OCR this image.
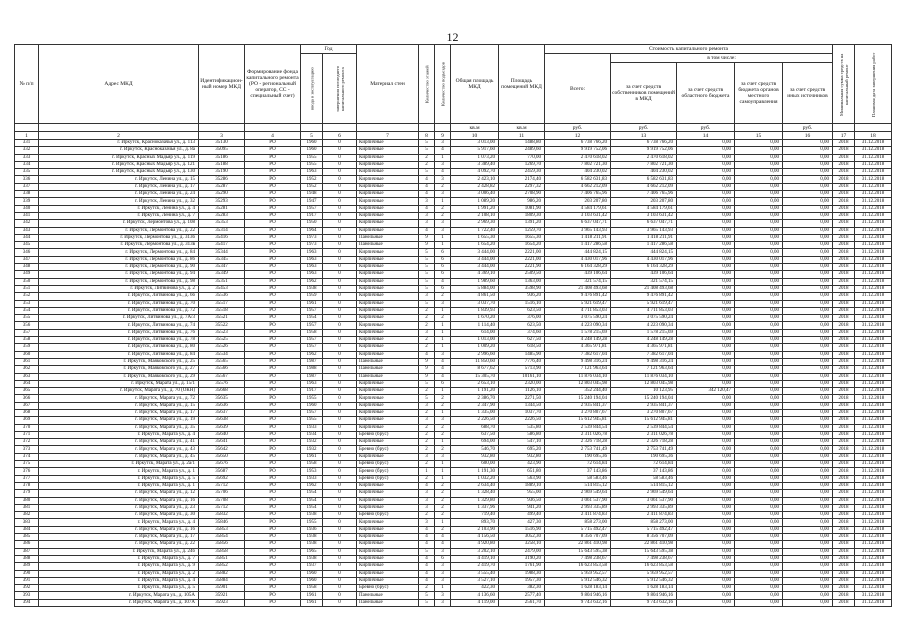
12
№ п/п	Адрес МКД	Идентификацион-ный номер МКД	Формирование фонда капитального ремонта (РО - региональный оператор, СС - специальный счет)	Год		Материал стен	Количество этажей	Количество подъездов	Общая площадь МКД	Площадь помещений МКД	Стоимость капитального ремонта					Минимальная сумма средств на капитальный ремонт	Плановая дата завершения работ
				ввода в эксплуатацию	завершения последнего капитального ремонта						Всего:	в том числе:					
												за счет средств собственников помещений в МКД	за счет средств областного бюджета	за счет средств бюджета органов местного самоуправления	за счет средств иных источников		
									кв.м	кв.м	руб.	руб.	руб.		руб.		
1	2	3	4	5	6	7	8	9	10	11	12	13	14	15	16	17	18
331	г. Иркутск, Красноказачья ул., д. 113	35130	РО	1960	0	Кирпичные	5	3	3 013,00	1488,80	6 738 766,20	6 738 766,20	0,00	0,00	0,00	2018	31.12.2018
332	г. Иркутск, Красноказачья ул., д. 8а	35095	РО	1960	0	Кирпичные	5	4	5 917,60	2489,60	9 919 752,06	9 919 752,06	0,00	0,00	0,00	2018	31.12.2018
333	г. Иркутск, Красных Мадьяр ул., д. 119	35186	РО	1955	0	Кирпичные	2	1	1 073,20	770,00	2 470 618,02	2 470 618,02	0,00	0,00	0,00	2018	31.12.2018
334	г. Иркутск, Красных Мадьяр ул., д. 121	35188	РО	1955	0	Кирпичные	2	3	3 389,40	1269,70	7 802 721,30	7 802 721,30	0,00	0,00	0,00	2018	31.12.2018
335	г. Иркутск, Красных Мадьяр ул., д. 130	35190	РО	1963	0	Кирпичные	5	4	4 092,70	2459,30	404 230,02	404 230,02	0,00	0,00	0,00	2018	31.12.2018
336	г. Иркутск, Ленина ул., д. 15	35286	РО	1952	0	Кирпичные	4	3	2 423,10	2174,40	6 582 631,83	6 582 631,83	0,00	0,00	0,00	2018	31.12.2018
337	г. Иркутск, Ленина ул., д. 17	35287	РО	1952	0	Кирпичные	4	2	2 428,82	2297,32	4 662 212,09	4 662 212,09	0,00	0,00	0,00	2018	31.12.2018
338	г. Иркутск, Ленина ул., д. 24	35290	РО	1948	0	Кирпичные	4	3	3 006,40	2708,90	7 406 765,96	7 406 765,96	0,00	0,00	0,00	2018	31.12.2018
339	г. Иркутск, Ленина ул., д. 32	35293	РО	1947	0	Кирпичные	3	1	1 089,20	986,20	203 207,80	203 207,80	0,00	0,00	0,00	2018	31.12.2018
340	г. Иркутск, Ленина ул., д. 4	35281	РО	1957	0	Кирпичные	4	2	1 991,20	1081,90	4 584 179,61	4 584 179,61	0,00	0,00	0,00	2018	31.12.2018
341	г. Иркутск, Ленина ул., д. 7	35283	РО	1917	0	Кирпичные	3	2	2 108,10	1809,30	3 103 631,42	3 103 631,42	0,00	0,00	0,00	2018	31.12.2018
342	г. Иркутск, Лермонтова ул., д. 108	35353	РО	1950	0	Кирпичные	3	3	2 969,30	1391,20	6 637 047,71	6 637 047,71	0,00	0,00	0,00	2018	31.12.2018
343	г. Иркутск, Лермонтова ул., д. 22	35314	РО	1964	0	Кирпичные	4	3	1 722,40	1259,70	3 965 143,93	3 965 143,93	0,00	0,00	0,00	2018	31.12.2018
344	г. Иркутск, Лермонтова ул., д. 313б	35416	РО	1973	0	Панельные	9	1	1 655,30	1655,30	1 418 211,91	1 418 211,91	0,00	0,00	0,00	2018	31.12.2018
345	г. Иркутск, Лермонтова ул., д. 313в	35417	РО	1973	0	Панельные	9	1	1 654,20	1654,20	1 417 286,58	1 417 286,58	0,00	0,00	0,00	2018	31.12.2018
346	г. Иркутск, Лермонтова ул., д. 84	35344	РО	1963	0	Кирпичные	5	6	3 444,00	2221,00	444 824,15	444 824,15	0,00	0,00	0,00	2018	31.12.2018
347	г. Иркутск, Лермонтова ул., д. 86	35345	РО	1963	0	Кирпичные	5	6	3 444,00	2221,00	4 430 017,96	4 430 017,96	0,00	0,00	0,00	2018	31.12.2018
348	г. Иркутск, Лермонтова ул., д. 90	35347	РО	1963	0	Кирпичные	5	6	3 444,00	2221,90	6 164 328,29	6 164 328,29	0,00	0,00	0,00	2018	31.12.2018
349	г. Иркутск, Лермонтова ул., д. 94	35349	РО	1963	0	Кирпичные	5	6	4 369,10	2509,50	439 106,64	439 106,64	0,00	0,00	0,00	2018	31.12.2018
350	г. Иркутск, Лермонтова ул., д. 98	35351	РО	1962	0	Кирпичные	5	4	1 989,60	1363,00	321 574,15	321 574,15	0,00	0,00	0,00	2018	31.12.2018
351	г. Иркутск, Литвинова ул., д. 2	35453	РО	1938	0	Кирпичные	5	6	5 884,00	3598,90	21 408 493,68	21 408 493,68	0,00	0,00	0,00	2018	31.12.2018
352	г. Иркутск, Литвинова ул., д. 6б	35536	РО	1959	0	Кирпичные	3	2	4 861,50	936,20	9 476 891,42	9 476 891,42	0,00	0,00	0,00	2018	31.12.2018
353	г. Иркутск, Литвинова ул., д. 70	35517	РО	1961	0	Кирпичные	5	3	3 037,70	1516,10	5 921 619,47	5 921 619,47	0,00	0,00	0,00	2018	31.12.2018
354	г. Иркутск, Литвинова ул., д. 72	35518	РО	1957	0	Кирпичные	2	1	1 839,93	623,50	4 711 853,03	4 711 853,03	0,00	0,00	0,00	2018	31.12.2018
355	г. Иркутск, Литвинова ул., д. 7А/3	35521	РО	1954	0	Кирпичные	2	2	1 670,20	376,00	3 075 590,24	3 075 590,24	0,00	0,00	0,00	2018	31.12.2018
356	г. Иркутск, Литвинова ул., д. 74	35522	РО	1957	0	Кирпичные	2	1	1 114,40	623,50	4 223 090,34	4 223 090,34	0,00	0,00	0,00	2018	31.12.2018
357	г. Иркутск, Литвинова ул., д. 76	35523	РО	1958	0	Кирпичные	3	1	614,00	374,60	1 578 215,69	1 578 215,69	0,00	0,00	0,00	2018	31.12.2018
358	г. Иркутск, Литвинова ул., д. 78	35525	РО	1957	0	Кирпичные	2	1	1 013,00	627,50	4 248 149,28	4 248 149,28	0,00	0,00	0,00	2018	31.12.2018
359	г. Иркутск, Литвинова ул., д. 80	35526	РО	1957	0	Кирпичные	2	1	1 009,20	618,50	4 365 971,81	4 365 971,81	0,00	0,00	0,00	2018	31.12.2018
360	г. Иркутск, Литвинова ул., д. 84	35534	РО	1962	0	Кирпичные	4	3	2 996,60	1485,90	7 382 617,04	7 382 617,04	0,00	0,00	0,00	2018	31.12.2018
361	г. Иркутск, Маяковского ул., д. 25	35565	РО	1987	0	Панельные	9	4	11 850,60	7776,40	9 498 316,24	9 498 316,24	0,00	0,00	0,00	2018	31.12.2018
362	г. Иркутск, Маяковского ул., д. 27	35566	РО	1988	0	Панельные	9	4	8 677,62	5713,90	7 121 963,64	7 121 963,64	0,00	0,00	0,00	2018	31.12.2018
363	г. Иркутск, Маяковского ул., д. 29	35567	РО	1987	0	Панельные	9	4	15 305,70	10161,10	11 876 034,10	11 876 034,10	0,00	0,00	0,00	2018	31.12.2018
364	г. Иркутск, Марата ул., д. 15/1	35576	РО	1963	0	Кирпичные	5	6	2 653,10	2320,00	12 803 045,98	12 803 045,98	0,00	0,00	0,00	2018	31.12.2018
365	г. Иркутск, Марата ул., д. 70 (ОКН)	35668	РО	1917	0	Кирпичные	2	1	1 191,20	1126,10	352 244,40	10 123,95	342 120,47	0,00	0,00	2018	31.12.2018
366	г. Иркутск, Марата ул., д. 72	35635	РО	1955	0	Кирпичные	5	2	2 386,70	2271,50	15 240 194,04	15 240 194,04	0,00	0,00	0,00	2018	31.12.2018
367	г. Иркутск, Марата ул., д. 15	35636	РО	1960	0	Кирпичные	3	2	2 347,90	1344,50	2 935 841,37	2 935 841,37	0,00	0,00	0,00	2018	31.12.2018
368	г. Иркутск, Марата ул., д. 17	35637	РО	1957	0	Кирпичные	2	1	1 335,00	1037,70	3 270 807,67	3 270 807,67	0,00	0,00	0,00	2018	31.12.2018
369	г. Иркутск, Марата ул., д. 19	35638	РО	1955	0	Кирпичные	3	3	2 226,50	2226,50	15 612 945,81	15 612 945,81	0,00	0,00	0,00	2018	31.12.2018
370	г. Иркутск, Марата ул., д. 35	35639	РО	1933	0	Кирпичные	2	2	688,70	535,80	2 539 844,54	2 539 844,54	0,00	0,00	0,00	2018	31.12.2018
371	г. Иркутск, Марата ул., д. 4	35640	РО	1934	0	Бревно (брус)	2	2	637,50	586,80	2 311 026,78	2 311 026,78	0,00	0,00	0,00	2018	31.12.2018
372	г. Иркутск, Марата ул., д. 41	35641	РО	1932	0	Кирпичные	2	1	694,00	547,10	2 326 718,28	2 326 718,28	0,00	0,00	0,00	2018	31.12.2018
373	г. Иркутск, Марата ул., д. 43	35642	РО	1932	0	Бревно (брус)	2	2	546,70	695,20	2 753 741,49	2 753 741,49	0,00	0,00	0,00	2018	31.12.2018
374	г. Иркутск, Марата ул., д. 45	35650	РО	1961	0	Кирпичные	3	3	932,80	932,80	190 695,36	190 695,36	0,00	0,00	0,00	2018	31.12.2018
375	г. Иркутск, Марата ул., д. 2а/1	35676	РО	1958	0	Бревно (брус)	2	1	600,00	423,90	72 614,84	72 614,84	0,00	0,00	0,00	2018	31.12.2018
376	г. Иркутск, Марата ул., д. 1	35687	РО	1953	0	Бревно (брус)	1	1	1 191,30	651,80	37 143,86	37 143,86	0,00	0,00	0,00	2018	31.12.2018
377	г. Иркутск, Марата ул., д. 5	35692	РО	1933	0	Бревно (брус)	2	1	1 032,20	563,90	58 583,46	58 583,46	0,00	0,00	0,00	2018	31.12.2018
378	г. Иркутск, Марата ул., д. 1	35712	РО	1962	0	Кирпичные	4	2	2 634,40	1889,10	514 815,12	514 815,12	0,00	0,00	0,00	2018	31.12.2018
379	г. Иркутск, Марата ул., д. 12	35706	РО	1954	0	Кирпичные	3	2	1 328,40	955,00	2 969 549,64	2 969 549,64	0,00	0,00	0,00	2018	31.12.2018
380	г. Иркутск, Марата ул., д. 16	35708	РО	1954	0	Кирпичные	3	2	1 329,80	936,50	3 061 537,90	3 061 537,90	0,00	0,00	0,00	2018	31.12.2018
381	г. Иркутск, Марата ул., д. 23	35712	РО	1954	0	Кирпичные	3	2	1 337,96	941,20	2 993 335,89	2 993 335,89	0,00	0,00	0,00	2018	31.12.2018
382	г. Иркутск, Марата ул., д. 30	35832	РО	1938	0	Бревно (брус)	2	2	719,40	499,40	2 411 874,83	2 411 874,83	0,00	0,00	0,00	2018	31.12.2018
383	г. Иркутск, Марата ул., д. 4	35846	РО	1955	0	Кирпичные	3	1	893,70	427,30	858 273,00	858 273,00	0,00	0,00	0,00	2018	31.12.2018
384	г. Иркутск, Марата ул., д. 16	35853	РО	1936	0	Кирпичные	4	2	2 103,90	1516,90	5 715 492,47	5 715 492,47	0,00	0,00	0,00	2018	31.12.2018
385	г. Иркутск, Марата ул., д. 17	35854	РО	1938	0	Кирпичные	4	4	4 156,50	3052,30	8 356 707,09	8 356 707,09	0,00	0,00	0,00	2018	31.12.2018
386	г. Иркутск, Марата ул., д. 22	35856	РО	1938	0	Кирпичные	4	4	4 920,80	3258,10	22 861 410,98	22 861 410,98	0,00	0,00	0,00	2018	31.12.2018
387	г. Иркутск, Марата ул., д. 24б	35858	РО	1965	0	Кирпичные	5	3	3 202,10	2479,00	15 643 595,38	15 643 595,38	0,00	0,00	0,00	2018	31.12.2018
388	г. Иркутск, Марата ул., д. 7	35851	РО	1938	0	Кирпичные	4	6	4 419,10	3190,20	7 498 238,67	7 498 238,67	0,00	0,00	0,00	2018	31.12.2018
389	г. Иркутск, Марата ул., д. 9	35852	РО	1937	0	Кирпичные	4	3	2 419,70	1761,90	16 623 853,58	16 623 853,58	0,00	0,00	0,00	2018	31.12.2018
390	г. Иркутск, Марата ул., д. 2	35882	РО	1960	0	Кирпичные	4	3	3 555,40	1988,30	5 959 952,57	5 959 952,57	0,00	0,00	0,00	2018	31.12.2018
391	г. Иркутск, Марата ул., д. 4	35884	РО	1960	0	Кирпичные	4	3	3 527,10	1957,30	5 912 546,32	5 912 546,32	0,00	0,00	0,00	2018	31.12.2018
392	г. Иркутск, Марата ул., д. 5	35901	РО	1958	0	Бревно (брус)	2	1	422,30	382,30	1 628 183,14	1 628 183,14	0,00	0,00	0,00	2018	31.12.2018
393	г. Иркутск, Марата ул., д. 105А	35921	РО	1961	0	Панельные	5	3	4 136,60	2577,40	9 804 946,16	9 804 946,16	0,00	0,00	0,00	2018	31.12.2018
394	г. Иркутск, Марата ул., д. 107А	35923	РО	1961	0	Панельные	5	3	4 119,00	2561,70	9 743 632,16	9 743 632,16	0,00	0,00	0,00	2018	31.12.2018
